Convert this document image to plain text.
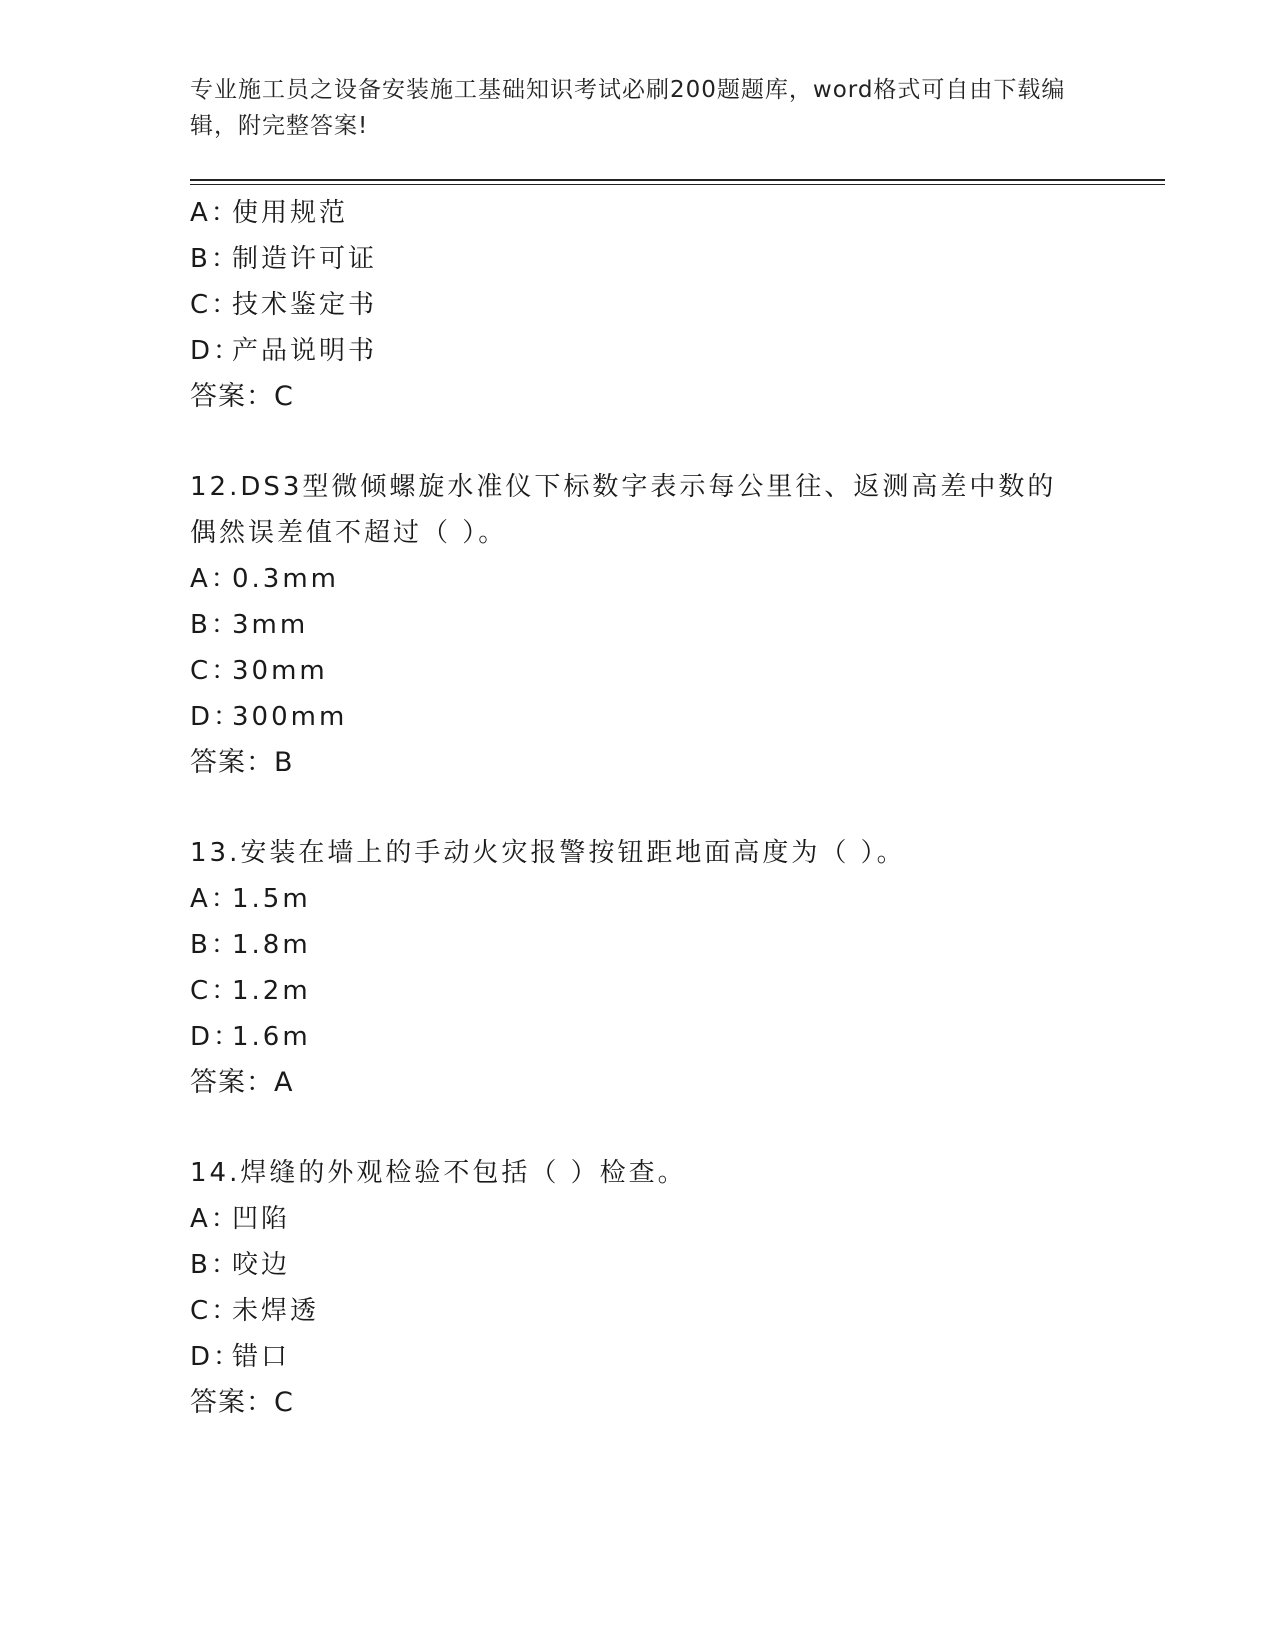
专业施工员之设备安装施工基础知识考试必刷200题题库，word格式可自由下载编辑，附完整答案!
A：使用规范
B：制造许可证
C：技术鉴定书
D：产品说明书
答案：C
12.DS3型微倾螺旋水准仪下标数字表示每公里往、返测高差中数的偶然误差值不超过（ ）。
A：0.3mm
B：3mm
C：30mm
D：300mm
答案：B
13.安装在墙上的手动火灾报警按钮距地面高度为（ ）。
A：1.5m
B：1.8m
C：1.2m
D：1.6m
答案：A
14.焊缝的外观检验不包括（ ）检查。
A：凹陷
B：咬边
C：未焊透
D：错口
答案：C
